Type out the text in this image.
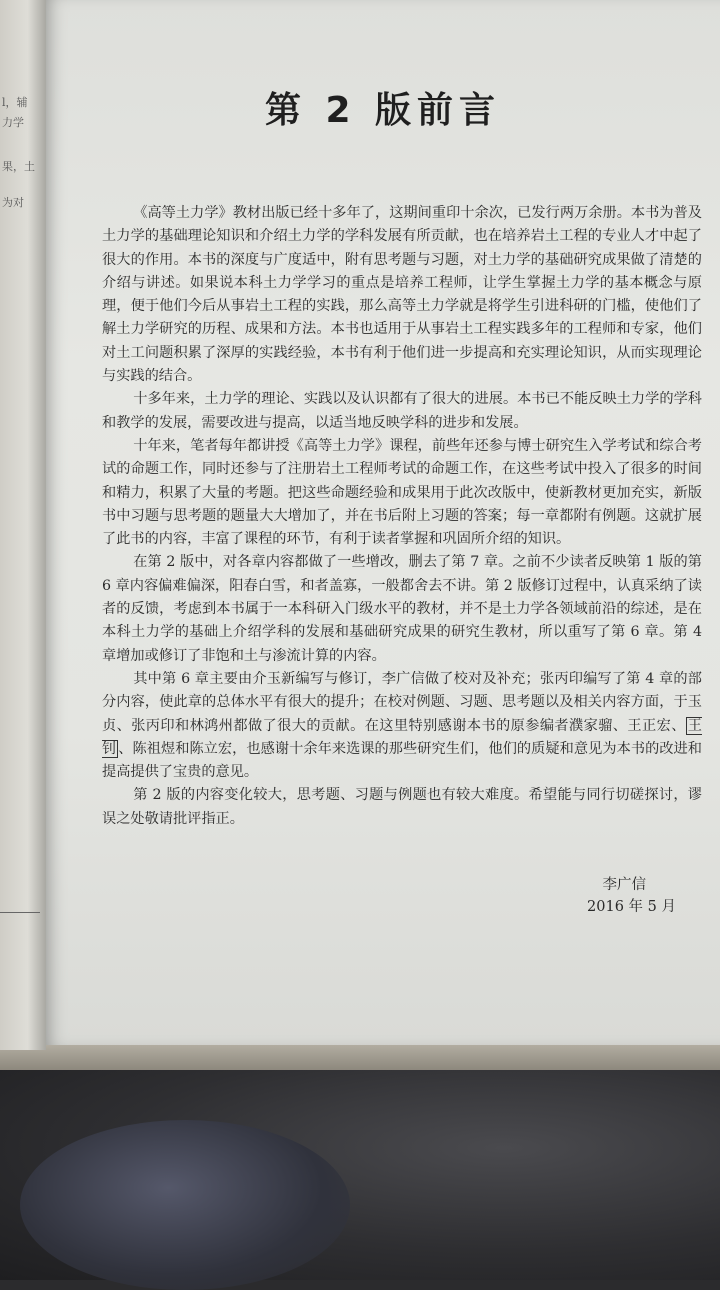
l，辅
力学
果，土
为对
第 2 版前言

《高等土力学》教材出版已经十多年了，这期间重印十余次，已发行两万余册。本书为普及土力学的基础理论知识和介绍土力学的学科发展有所贡献，也在培养岩土工程的专业人才中起了很大的作用。本书的深度与广度适中，附有思考题与习题，对土力学的基础研究成果做了清楚的介绍与讲述。如果说本科土力学学习的重点是培养工程师，让学生掌握土力学的基本概念与原理，便于他们今后从事岩土工程的实践，那么高等土力学就是将学生引进科研的门槛，使他们了解土力学研究的历程、成果和方法。本书也适用于从事岩土工程实践多年的工程师和专家，他们对土工问题积累了深厚的实践经验，本书有利于他们进一步提高和充实理论知识，从而实现理论与实践的结合。

十多年来，土力学的理论、实践以及认识都有了很大的进展。本书已不能反映土力学的学科和教学的发展，需要改进与提高，以适当地反映学科的进步和发展。

十年来，笔者每年都讲授《高等土力学》课程，前些年还参与博士研究生入学考试和综合考试的命题工作，同时还参与了注册岩土工程师考试的命题工作，在这些考试中投入了很多的时间和精力，积累了大量的考题。把这些命题经验和成果用于此次改版中，使新教材更加充实，新版书中习题与思考题的题量大大增加了，并在书后附上习题的答案；每一章都附有例题。这就扩展了此书的内容，丰富了课程的环节，有利于读者掌握和巩固所介绍的知识。

在第 2 版中，对各章内容都做了一些增改，删去了第 7 章。之前不少读者反映第 1 版的第 6 章内容偏难偏深，阳春白雪，和者盖寡，一般都舍去不讲。第 2 版修订过程中，认真采纳了读者的反馈，考虑到本书属于一本科研入门级水平的教材，并不是土力学各领域前沿的综述，是在本科土力学的基础上介绍学科的发展和基础研究成果的研究生教材，所以重写了第 6 章。第 4 章增加或修订了非饱和土与渗流计算的内容。

其中第 6 章主要由介玉新编写与修订，李广信做了校对及补充；张丙印编写了第 4 章的部分内容，使此章的总体水平有很大的提升；在校对例题、习题、思考题以及相关内容方面，于玉贞、张丙印和林鸿州都做了很大的贡献。在这里特别感谢本书的原参编者濮家骝、王正宏、 王钊 、陈祖煜和陈立宏，也感谢十余年来选课的那些研究生们，他们的质疑和意见为本书的改进和提高提供了宝贵的意见。

第 2 版的内容变化较大，思考题、习题与例题也有较大难度。希望能与同行切磋探讨，谬误之处敬请批评指正。

李广信
2016 年 5 月
